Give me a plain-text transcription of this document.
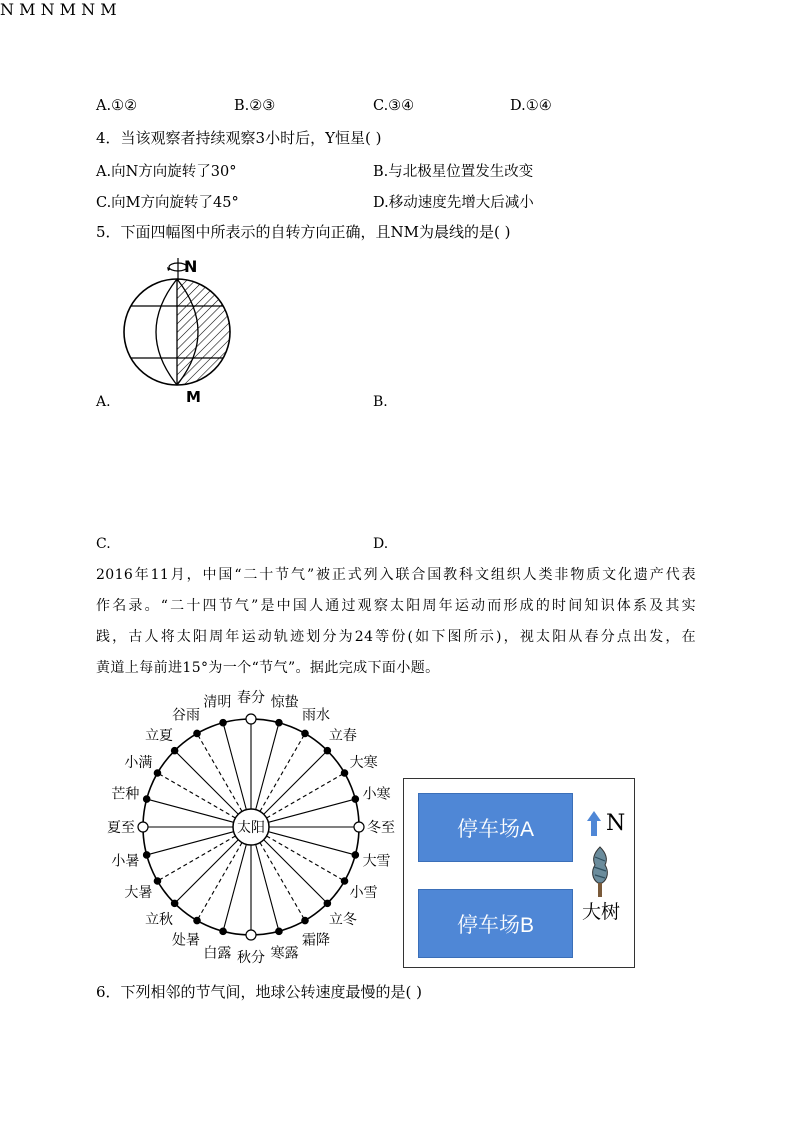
A.①②	B.②③	C.③④	D.①④
4．当该观察者持续观察3小时后，Y恒星( )
A.向N方向旋转了30°	B.与北极星位置发生改变
C.向M方向旋转了45°	D.移动速度先增大后减小
5．下面四幅图中所表示的自转方向正确，且NM为晨线的是( )
N
M
N M N M N M
A.	B.
C.	D.
2016年11月，中国“二十节气”被正式列入联合国教科文组织人类非物质文化遗产代表
作名录。“二十四节气”是中国人通过观察太阳周年运动而形成的时间知识体系及其实
践，古人将太阳周年运动轨迹划分为24等份(如下图所示)，视太阳从春分点出发，在
黄道上每前进15°为一个“节气”。据此完成下面小题。
太阳
春分 惊蛰
雨水
立春
大寒
小寒
冬至
大雪
小雪
立冬
霜降
寒露
秋分
白露
处暑
立秋
大暑
小暑
夏至
芒种
小满
立夏
谷雨
清明
停车场A
停车场B
N
大树
6．下列相邻的节气间，地球公转速度最慢的是( )
